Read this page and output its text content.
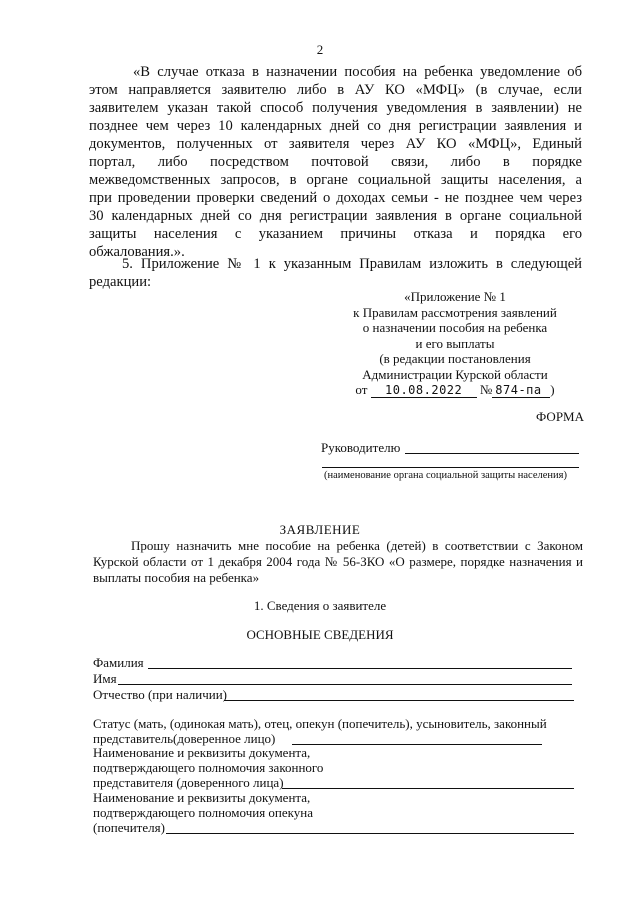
2
«В случае отказа в назначении пособия на ребенка уведомление об
этом направляется заявителю либо в АУ КО «МФЦ» (в случае, если
заявителем указан такой способ получения уведомления в заявлении) не
позднее чем через 10 календарных дней со дня регистрации заявления и
документов, полученных от заявителя через АУ КО «МФЦ», Единый
портал, либо посредством почтовой связи, либо в порядке
межведомственных запросов, в органе социальной защиты населения, а
при проведении проверки сведений о доходах семьи - не позднее чем через
30 календарных дней со дня регистрации заявления в органе социальной
защиты населения с указанием причины отказа и порядка его
обжалования.».
5. Приложение № 1 к указанным Правилам изложить в следующей
редакции:
«Приложение № 1
к Правилам рассмотрения заявлений
о назначении пособия на ребенка
и его выплаты
(в редакции постановления
Администрации Курской области
от 10.08.2022 № 874-па )
ФОРМА
Руководителю
(наименование органа социальной защиты населения)
ЗАЯВЛЕНИЕ
Прошу назначить мне пособие на ребенка (детей) в соответствии с Законом
Курской области от 1 декабря 2004 года № 56-ЗКО «О размере, порядке назначения и
выплаты пособия на ребенка»
1. Сведения о заявителе
ОСНОВНЫЕ СВЕДЕНИЯ
Фамилия
Имя
Отчество (при наличии)
Статус (мать, (одинокая мать), отец, опекун (попечитель), усыновитель, законный
представитель(доверенное лицо)
Наименование и реквизиты документа,
подтверждающего полномочия законного
представителя (доверенного лица)
Наименование и реквизиты документа,
подтверждающего полномочия опекуна
(попечителя)
